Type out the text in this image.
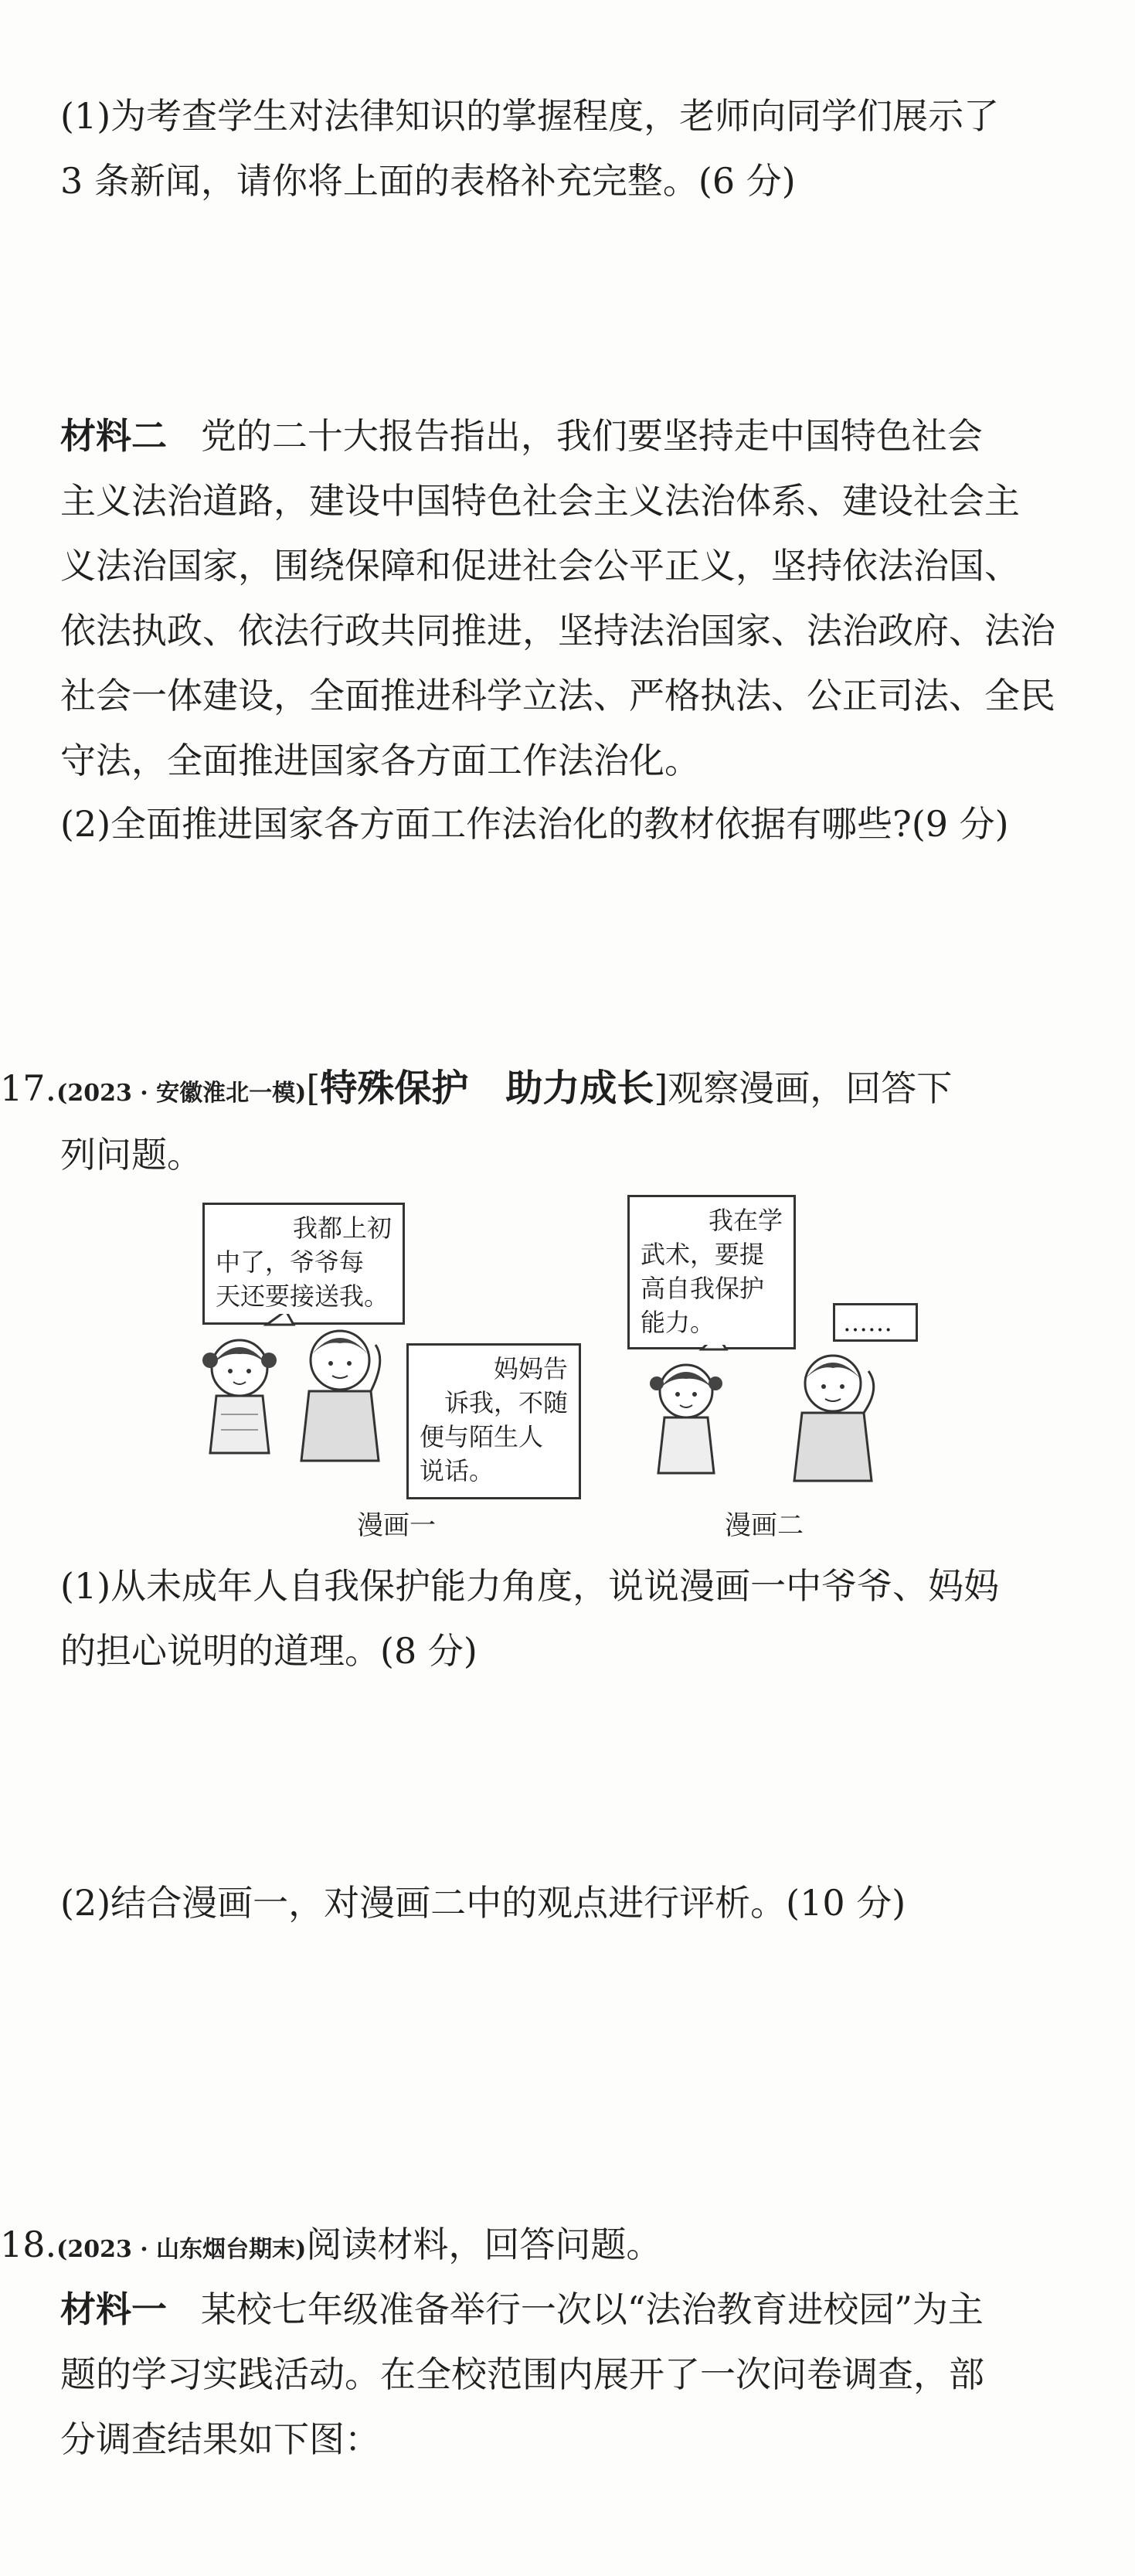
(1)为考查学生对法律知识的掌握程度，老师向同学们展示了
3 条新闻，请你将上面的表格补充完整。(6 分)
材料二 党的二十大报告指出，我们要坚持走中国特色社会
主义法治道路，建设中国特色社会主义法治体系、建设社会主
义法治国家，围绕保障和促进社会公平正义，坚持依法治国、
依法执政、依法行政共同推进，坚持法治国家、法治政府、法治
社会一体建设，全面推进科学立法、严格执法、公正司法、全民
守法，全面推进国家各方面工作法治化。
(2)全面推进国家各方面工作法治化的教材依据有哪些?(9 分)
17.(2023 · 安徽淮北一模)[特殊保护　助力成长]观察漫画，回答下
列问题。
我都上初
中了，爷爷每
天还要接送我。
妈妈告
诉我，不随
便与陌生人
说话。
漫画一
我在学
武术，要提
高自我保护
能力。	……
漫画二
(1)从未成年人自我保护能力角度，说说漫画一中爷爷、妈妈
的担心说明的道理。(8 分)
(2)结合漫画一，对漫画二中的观点进行评析。(10 分)
18.(2023 · 山东烟台期末)阅读材料，回答问题。
材料一 某校七年级准备举行一次以“法治教育进校园”为主
题的学习实践活动。在全校范围内展开了一次问卷调查，部
分调查结果如下图：
